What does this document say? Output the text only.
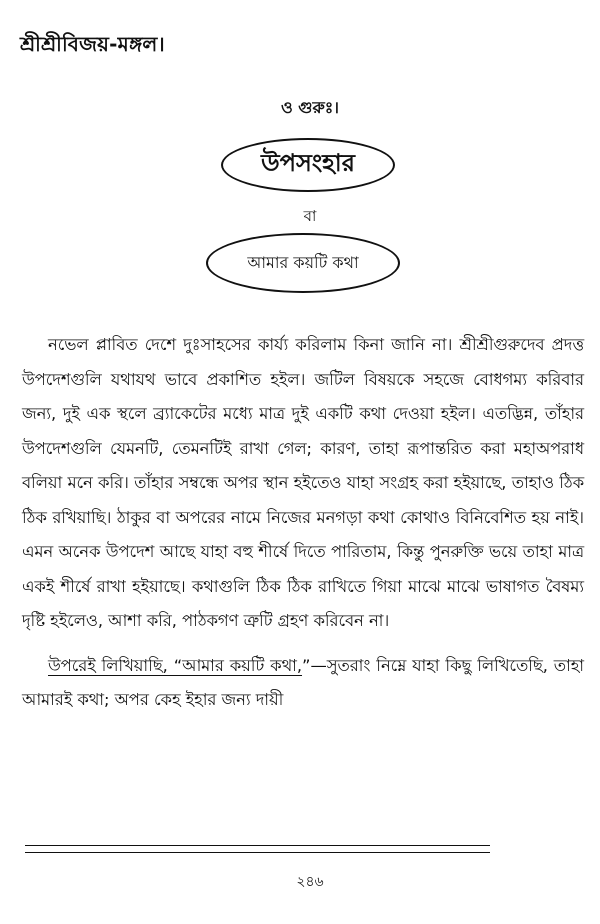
শ্রীশ্রীবিজয়-মঙ্গল।
ও গুরুঃ।
উপসংহার
বা
আমার কয়টি কথা

নভেল প্লাবিত দেশে দুঃসাহসের কার্য্য করিলাম কিনা জানি না। শ্রীশ্রীগুরুদেব প্রদত্ত উপদেশগুলি যথাযথ ভাবে প্রকাশিত হইল। জটিল বিষয়কে সহজে বোধগম্য করিবার জন্য, দুই এক স্থলে ব্র্যাকেটের মধ্যে মাত্র দুই একটি কথা দেওয়া হইল। এতদ্ভিন্ন, তাঁহার উপদেশগুলি যেমনটি, তেমনটিই রাখা গেল; কারণ, তাহা রূপান্তরিত করা মহাঅপরাধ বলিয়া মনে করি। তাঁহার সম্বন্ধে অপর স্থান হইতেও যাহা সংগ্রহ করা হইয়াছে, তাহাও ঠিক ঠিক রখিয়াছি। ঠাকুর বা অপরের নামে নিজের মনগড়া কথা কোথাও বিনিবেশিত হয় নাই। এমন অনেক উপদেশ আছে যাহা বহু শীর্ষে দিতে পারিতাম, কিন্তু পুনরুক্তি ভয়ে তাহা মাত্র একই শীর্ষে রাখা হইয়াছে। কথাগুলি ঠিক ঠিক রাখিতে গিয়া মাঝে মাঝে ভাষাগত বৈষম্য দৃষ্টি হইলেও, আশা করি, পাঠকগণ ত্রুটি গ্রহণ করিবেন না।

উপরেই লিখিয়াছি, “আমার কয়টি কথা,”—সুতরাং নিম্নে যাহা কিছু লিখিতেছি, তাহা আমারই কথা; অপর কেহ ইহার জন্য দায়ী

২৪৬
